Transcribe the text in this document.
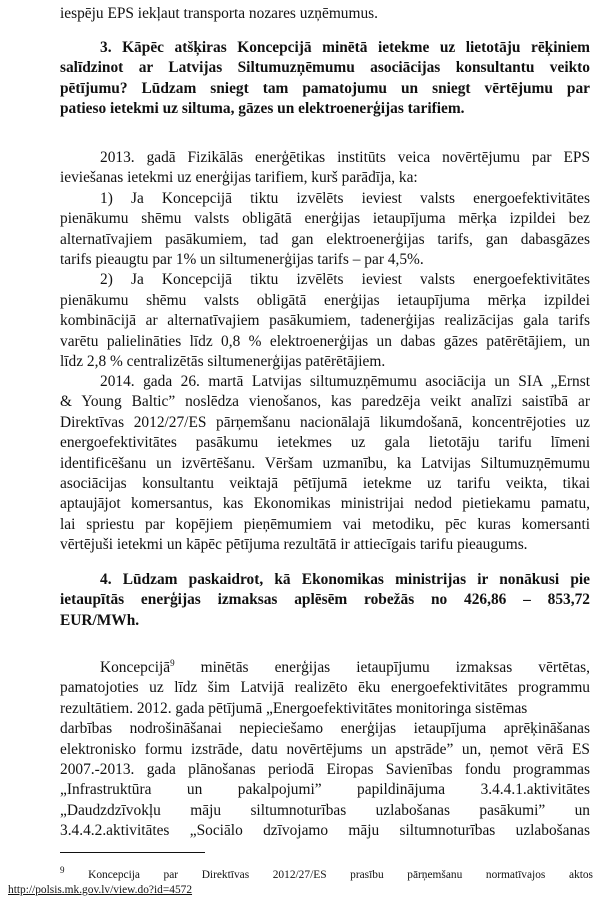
iespēju EPS iekļaut transporta nozares uzņēmumus.
3. Kāpēc atšķiras Koncepcijā minētā ietekme uz lietotāju rēķiniem
salīdzinot ar Latvijas Siltumuzņēmumu asociācijas konsultantu veikto
pētījumu? Lūdzam sniegt tam pamatojumu un sniegt vērtējumu par
patieso ietekmi uz siltuma, gāzes un elektroenerģijas tarifiem.
2013. gadā Fizikālās enerģētikas institūts veica novērtējumu par EPS
ieviešanas ietekmi uz enerģijas tarifiem, kurš parādīja, ka:
1) Ja Koncepcijā tiktu izvēlēts ieviest valsts energoefektivitātes
pienākumu shēmu valsts obligātā enerģijas ietaupījuma mērķa izpildei bez
alternatīvajiem pasākumiem, tad gan elektroenerģijas tarifs, gan dabasgāzes
tarifs pieaugtu par 1% un siltumenerģijas tarifs – par 4,5%.
2) Ja Koncepcijā tiktu izvēlēts ieviest valsts energoefektivitātes
pienākumu shēmu valsts obligātā enerģijas ietaupījuma mērķa izpildei
kombinācijā ar alternatīvajiem pasākumiem, tadenerģijas realizācijas gala tarifs
varētu palielināties līdz 0,8 % elektroenerģijas un dabas gāzes patērētājiem, un
līdz 2,8 % centralizētās siltumenerģijas patērētājiem.
2014. gada 26. martā Latvijas siltumuzņēmumu asociācija un SIA „Ernst
& Young Baltic” noslēdza vienošanos, kas paredzēja veikt analīzi saistībā ar
Direktīvas 2012/27/ES pārņemšanu nacionālajā likumdošanā, koncentrējoties uz
energoefektivitātes pasākumu ietekmes uz gala lietotāju tarifu līmeni
identificēšanu un izvērtēšanu. Vēršam uzmanību, ka Latvijas Siltumuzņēmumu
asociācijas konsultantu veiktajā pētījumā ietekme uz tarifu veikta, tikai
aptaujājot komersantus, kas Ekonomikas ministrijai nedod pietiekamu pamatu,
lai spriestu par kopējiem pieņēmumiem vai metodiku, pēc kuras komersanti
vērtējuši ietekmi un kāpēc pētījuma rezultātā ir attiecīgais tarifu pieaugums.
4. Lūdzam paskaidrot, kā Ekonomikas ministrijas ir nonākusi pie
ietaupītās enerģijas izmaksas aplēsēm robežās no 426,86 – 853,72
EUR/MWh.
Koncepcijā$^9$ minētās enerģijas ietaupījumu izmaksas vērtētas,
pamatojoties uz līdz šim Latvijā realizēto ēku energoefektivitātes programmu
rezultātiem. 2012. gada pētījumā „Energoefektivitātes monitoringa sistēmas
darbības nodrošināšanai nepieciešamo enerģijas ietaupījuma aprēķināšanas
elektronisko formu izstrāde, datu novērtējums un apstrāde” un, ņemot vērā ES
2007.-2013. gada plānošanas periodā Eiropas Savienības fondu programmas
„Infrastruktūra un pakalpojumi” papildinājuma 3.4.4.1.aktivitātes
„Daudzdzīvokļu māju siltumnoturības uzlabošanas pasākumi” un
3.4.4.2.aktivitātes „Sociālo dzīvojamo māju siltumnoturības uzlabošanas
$^9$ Koncepcija par Direktīvas 2012/27/ES prasību pārņemšanu normatīvajos aktos
http://polsis.mk.gov.lv/view.do?id=4572
